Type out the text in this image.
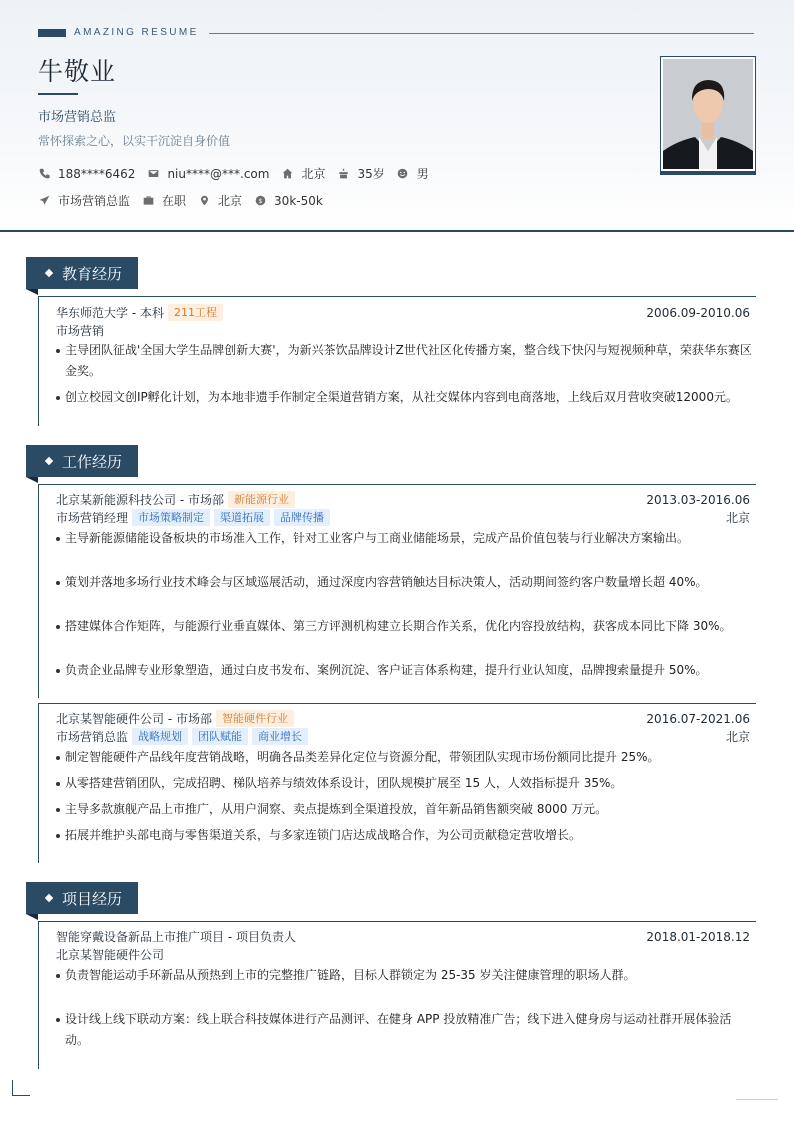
AMAZING RESUME
牛敬业
市场营销总监
常怀探索之心，以实干沉淀自身价值
188****6462	niu****@***.com	北京	35岁	男
市场营销总监	在职	北京 $ 30k-50k
教育经历
华东师范大学 - 本科 211工程	2006.09-2010.06
市场营销
主导团队征战'全国大学生品牌创新大赛'，为新兴茶饮品牌设计Z世代社区化传播方案，整合线下快闪与短视频种草，荣获华东赛区金奖。
创立校园文创IP孵化计划，为本地非遗手作制定全渠道营销方案，从社交媒体内容到电商落地，上线后双月营收突破12000元。
工作经历
北京某新能源科技公司 - 市场部 新能源行业	2013.03-2016.06
市场营销经理 市场策略制定	渠道拓展	品牌传播	北京
主导新能源储能设备板块的市场准入工作，针对工业客户与工商业储能场景，完成产品价值包装与行业解决方案输出。
策划并落地多场行业技术峰会与区域巡展活动，通过深度内容营销触达目标决策人，活动期间签约客户数量增长超 40%。
搭建媒体合作矩阵，与能源行业垂直媒体、第三方评测机构建立长期合作关系，优化内容投放结构，获客成本同比下降 30%。
负责企业品牌专业形象塑造，通过白皮书发布、案例沉淀、客户证言体系构建，提升行业认知度，品牌搜索量提升 50%。
北京某智能硬件公司 - 市场部 智能硬件行业	2016.07-2021.06
市场营销总监 战略规划	团队赋能	商业增长	北京
制定智能硬件产品线年度营销战略，明确各品类差异化定位与资源分配，带领团队实现市场份额同比提升 25%。
从零搭建营销团队，完成招聘、梯队培养与绩效体系设计，团队规模扩展至 15 人，人效指标提升 35%。
主导多款旗舰产品上市推广，从用户洞察、卖点提炼到全渠道投放，首年新品销售额突破 8000 万元。
拓展并维护头部电商与零售渠道关系，与多家连锁门店达成战略合作，为公司贡献稳定营收增长。
项目经历
智能穿戴设备新品上市推广项目 - 项目负责人	2018.01-2018.12
北京某智能硬件公司
负责智能运动手环新品从预热到上市的完整推广链路，目标人群锁定为 25-35 岁关注健康管理的职场人群。
设计线上线下联动方案：线上联合科技媒体进行产品测评、在健身 APP 投放精准广告；线下进入健身房与运动社群开展体验活动。
